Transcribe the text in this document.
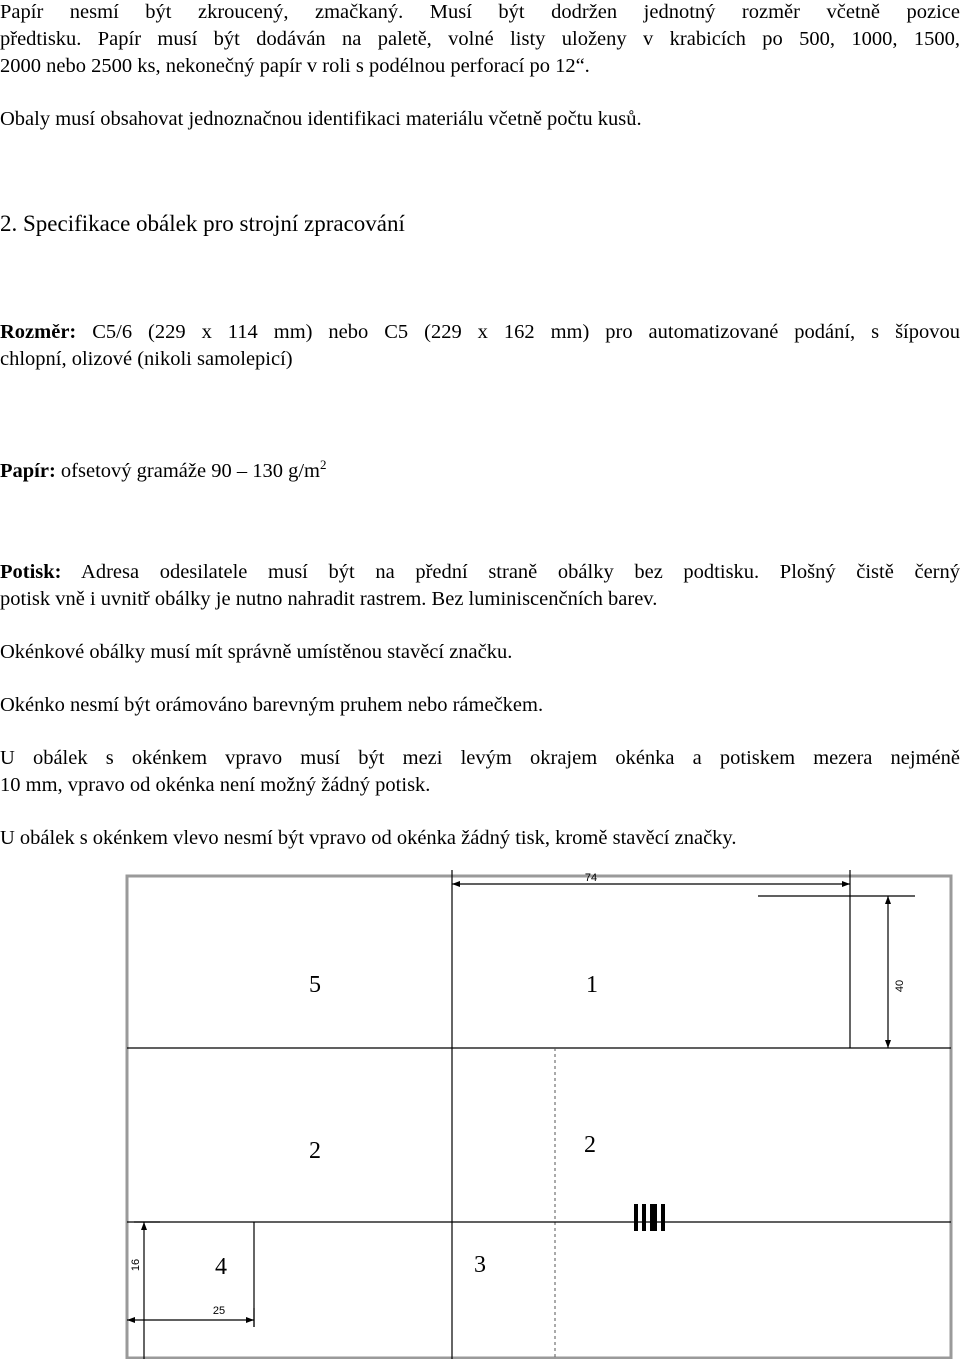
Papír nesmí být zkroucený, zmačkaný. Musí být dodržen jednotný rozměr včetně pozice
předtisku. Papír musí být dodáván na paletě, volné listy uloženy v krabicích po 500, 1000, 1500,
2000 nebo 2500 ks, nekonečný papír v roli s podélnou perforací po 12“.
Obaly musí obsahovat jednoznačnou identifikaci materiálu včetně počtu kusů.
2. Specifikace obálek pro strojní zpracování
Rozměr: C5/6 (229 x 114 mm) nebo C5 (229 x 162 mm) pro automatizované podání, s šípovou
chlopní, olizové (nikoli samolepicí)
Papír: ofsetový gramáže 90 – 130 $g/m^2$
Potisk: Adresa odesilatele musí být na přední straně obálky bez podtisku. Plošný čistě černý
potisk vně i uvnitř obálky je nutno nahradit rastrem. Bez luminiscenčních barev.
Okénkové obálky musí mít správně umístěnou stavěcí značku.
Okénko nesmí být orámováno barevným pruhem nebo rámečkem.
U obálek s okénkem vpravo musí být mezi levým okrajem okénka a potiskem mezera nejméně
10 mm, vpravo od okénka není možný žádný potisk.
U obálek s okénkem vlevo nesmí být vpravo od okénka žádný tisk, kromě stavěcí značky.
74
40
16
25
5	1
2	2
4	3
